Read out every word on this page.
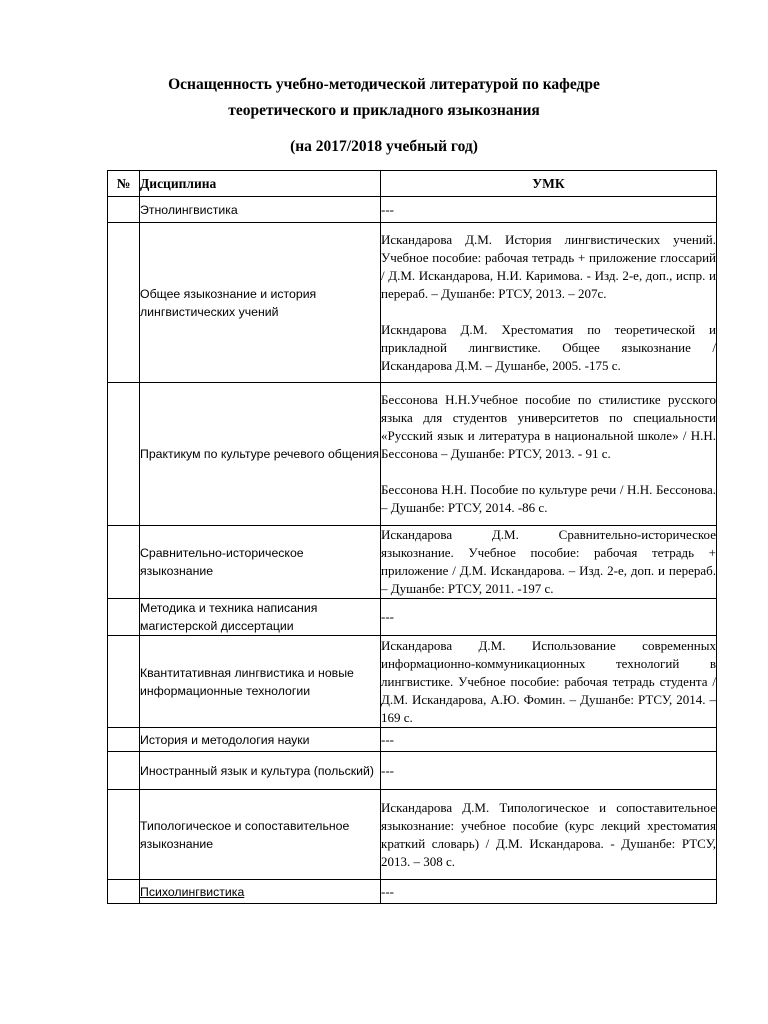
Оснащенность учебно-методической литературой по кафедре
теоретического и прикладного языкознания
(на 2017/2018 учебный год)
№	Дисциплина	УМК
	Этнолингвистика	---

	Общее языкознание и история лингвистических учений	Искандарова Д.М. История лингвистических учений. Учебное пособие: рабочая тетрадь + приложение глоссарий / Д.М. Искандарова, Н.И. Каримова. - Изд. 2-е, доп., испр. и перераб. – Душанбе: РТСУ, 2013. – 207с.
Искндарова Д.М. Хрестоматия по теоретической и прикладной лингвистике. Общее языкознание / Искандарова Д.М. – Душанбе, 2005. -175 с.

	Практикум по культуре речевого общения	Бессонова Н.Н.Учебное пособие по стилистике русского языка для студентов университетов по специальности «Русский язык и литература в национальной школе» / Н.Н. Бессонова – Душанбе: РТСУ, 2013. - 91 с.
Бессонова Н.Н. Пособие по культуре речи / Н.Н. Бессонова. – Душанбе: РТСУ, 2014. -86 с.

	Сравнительно-историческое языкознание	Искандарова Д.М. Сравнительно-историческое языкознание. Учебное пособие: рабочая тетрадь + приложение / Д.М. Искандарова. – Изд. 2-е, доп. и перераб. – Душанбе: РТСУ, 2011. -197 с.

	Методика и техника написания магистерской диссертации	---

	Квантитативная лингвистика и новые информационные технологии	Искандарова Д.М. Использование современных информационно-коммуникационных технологий в лингвистике. Учебное пособие: рабочая тетрадь студента / Д.М. Искандарова, А.Ю. Фомин. – Душанбе: РТСУ, 2014. – 169 с.

	История и методология науки	---

	Иностранный язык и культура (польский)	---

	Типологическое и сопоставительное языкознание	Искандарова Д.М. Типологическое и сопоставительное языкознание: учебное пособие (курс лекций хрестоматия краткий словарь) / Д.М. Искандарова. - Душанбе: РТСУ, 2013. – 308 с.

	Психолингвистика	---
